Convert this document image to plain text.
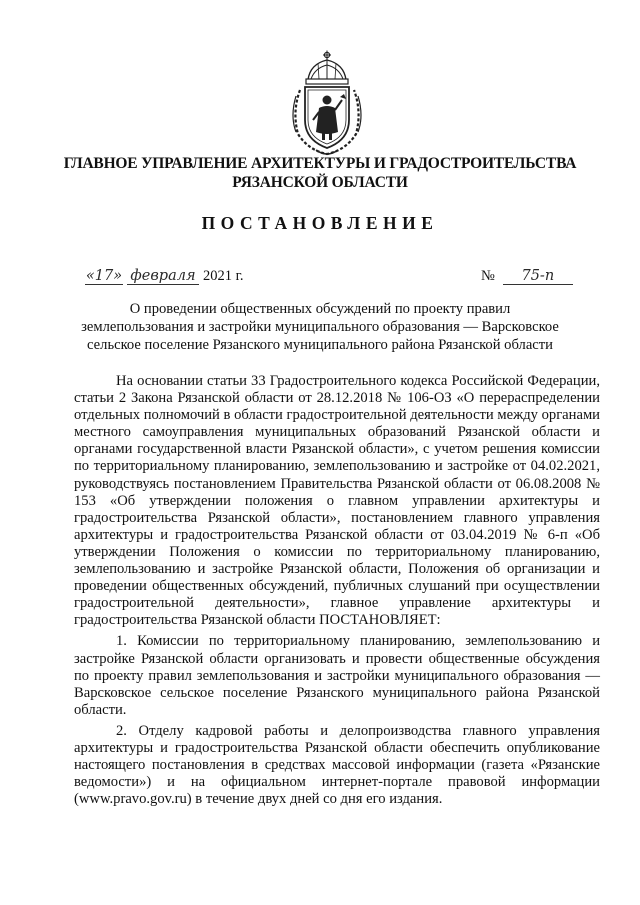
ГЛАВНОЕ УПРАВЛЕНИЕ АРХИТЕКТУРЫ И ГРАДОСТРОИТЕЛЬСТВА
РЯЗАНСКОЙ ОБЛАСТИ
ПОСТАНОВЛЕНИЕ
«17» февраля 2021 г.	№ 75-п
О проведении общественных обсуждений по проекту правил
землепользования и застройки муниципального образования — Варсковское
сельское поселение Рязанского муниципального района Рязанской области

На основании статьи 33 Градостроительного кодекса Российской Федерации, статьи 2 Закона Рязанской области от 28.12.2018 № 106-ОЗ «О перераспределении отдельных полномочий в области градостроительной деятельности между органами местного самоуправления муниципальных образований Рязанской области и органами государственной власти Рязанской области», с учетом решения комиссии по территориальному планированию, землепользованию и застройке от 04.02.2021, руководствуясь постановлением Правительства Рязанской области от 06.08.2008 № 153 «Об утверждении положения о главном управлении архитектуры и градостроительства Рязанской области», постановлением главного управления архитектуры и градостроительства Рязанской области от 03.04.2019 № 6-п «Об утверждении Положения о комиссии по территориальному планированию, землепользованию и застройке Рязанской области, Положения об организации и проведении общественных обсуждений, публичных слушаний при осуществлении градостроительной деятельности», главное управление архитектуры и градостроительства Рязанской области ПОСТАНОВЛЯЕТ:

1. Комиссии по территориальному планированию, землепользованию и застройке Рязанской области организовать и провести общественные обсуждения по проекту правил землепользования и застройки муниципального образования — Варсковское сельское поселение Рязанского муниципального района Рязанской области.

2. Отделу кадровой работы и делопроизводства главного управления архитектуры и градостроительства Рязанской области обеспечить опубликование настоящего постановления в средствах массовой информации (газета «Рязанские ведомости») и на официальном интернет-портале правовой информации (www.pravo.gov.ru) в течение двух дней со дня его издания.
